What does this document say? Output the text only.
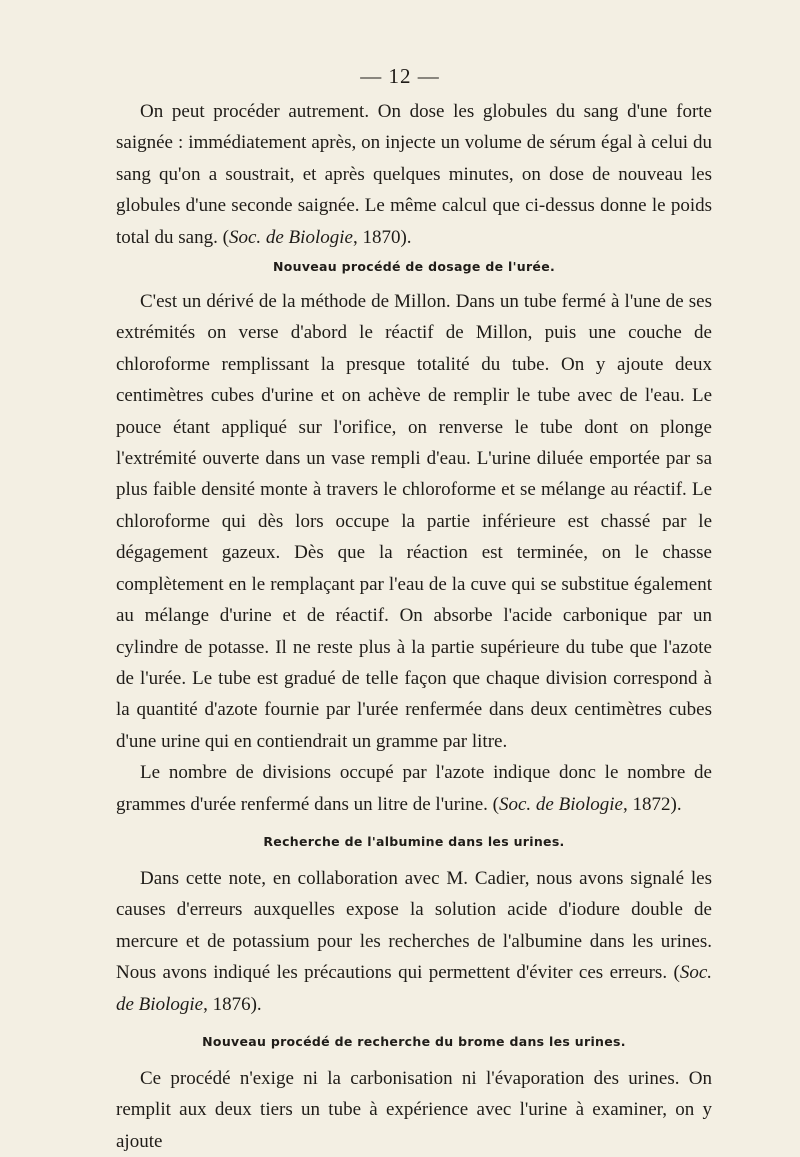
— 12 —

On peut procéder autrement. On dose les globules du sang d'une forte saignée : immédiatement après, on injecte un volume de sérum égal à celui du sang qu'on a soustrait, et après quelques minutes, on dose de nouveau les globules d'une seconde saignée. Le même calcul que ci-dessus donne le poids total du sang. (Soc. de Biologie, 1870).

Nouveau procédé de dosage de l'urée.

C'est un dérivé de la méthode de Millon. Dans un tube fermé à l'une de ses extrémités on verse d'abord le réactif de Millon, puis une couche de chloroforme remplissant la presque totalité du tube. On y ajoute deux centimètres cubes d'urine et on achève de remplir le tube avec de l'eau. Le pouce étant appliqué sur l'orifice, on renverse le tube dont on plonge l'extrémité ouverte dans un vase rempli d'eau. L'urine diluée emportée par sa plus faible densité monte à travers le chloroforme et se mélange au réactif. Le chloroforme qui dès lors occupe la partie inférieure est chassé par le dégagement gazeux. Dès que la réaction est terminée, on le chasse complètement en le remplaçant par l'eau de la cuve qui se substitue également au mélange d'urine et de réactif. On absorbe l'acide carbonique par un cylindre de potasse. Il ne reste plus à la partie supérieure du tube que l'azote de l'urée. Le tube est gradué de telle façon que chaque division correspond à la quantité d'azote fournie par l'urée renfermée dans deux centimètres cubes d'une urine qui en contiendrait un gramme par litre.

Le nombre de divisions occupé par l'azote indique donc le nombre de grammes d'urée renfermé dans un litre de l'urine. (Soc. de Biologie, 1872).

Recherche de l'albumine dans les urines.

Dans cette note, en collaboration avec M. Cadier, nous avons signalé les causes d'erreurs auxquelles expose la solution acide d'iodure double de mercure et de potassium pour les recherches de l'albumine dans les urines. Nous avons indiqué les précautions qui permettent d'éviter ces erreurs. (Soc. de Biologie, 1876).

Nouveau procédé de recherche du brome dans les urines.

Ce procédé n'exige ni la carbonisation ni l'évaporation des urines. On remplit aux deux tiers un tube à expérience avec l'urine à examiner, on y ajoute
